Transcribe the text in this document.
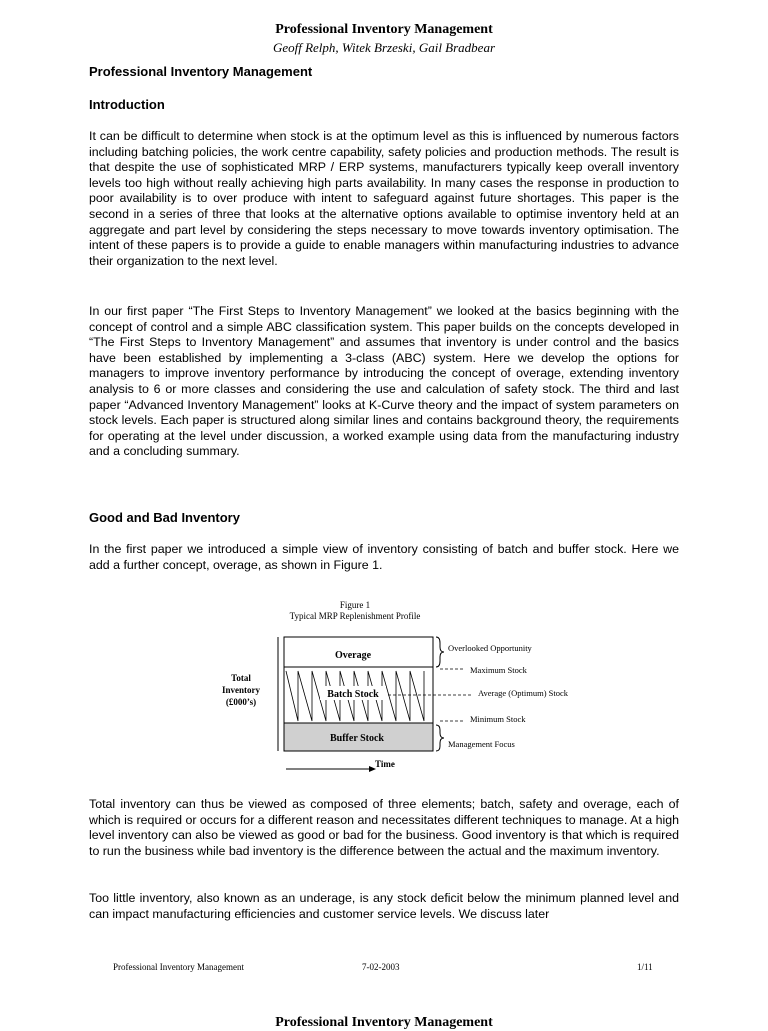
Professional Inventory Management
Geoff Relph, Witek Brzeski, Gail Bradbear
Professional Inventory Management
Introduction

It can be difficult to determine when stock is at the optimum level as this is influenced by numerous factors including batching policies, the work centre capability, safety policies and production methods. The result is that despite the use of sophisticated MRP / ERP systems, manufacturers typically keep overall inventory levels too high without really achieving high parts availability. In many cases the response in production to poor availability is to over produce with intent to safeguard against future shortages. This paper is the second in a series of three that looks at the alternative options available to optimise inventory held at an aggregate and part level by considering the steps necessary to move towards inventory optimisation. The intent of these papers is to provide a guide to enable managers within manufacturing industries to advance their organization to the next level.

In our first paper “The First Steps to Inventory Management” we looked at the basics beginning with the concept of control and a simple ABC classification system. This paper builds on the concepts developed in “The First Steps to Inventory Management” and assumes that inventory is under control and the basics have been established by implementing a 3-class (ABC) system. Here we develop the options for managers to improve inventory performance by introducing the concept of overage, extending inventory analysis to 6 or more classes and considering the use and calculation of safety stock. The third and last paper “Advanced Inventory Management” looks at K-Curve theory and the impact of system parameters on stock levels. Each paper is structured along similar lines and contains background theory, the requirements for operating at the level under discussion, a worked example using data from the manufacturing industry and a concluding summary.

Good and Bad Inventory

In the first paper we introduced a simple view of inventory consisting of batch and buffer stock. Here we add a further concept, overage, as shown in Figure 1.

Figure 1
Typical MRP Replenishment Profile
Overage
Batch Stock
Buffer Stock
Total
Inventory
(£000’s)
Time
Overlooked Opportunity
Maximum Stock
Average (Optimum) Stock
Minimum Stock
Management Focus

Total inventory can thus be viewed as composed of three elements; batch, safety and overage, each of which is required or occurs for a different reason and necessitates different techniques to manage. At a high level inventory can also be viewed as good or bad for the business. Good inventory is that which is required to run the business while bad inventory is the difference between the actual and the maximum inventory.

Too little inventory, also known as an underage, is any stock deficit below the minimum planned level and can impact manufacturing efficiencies and customer service levels. We discuss later

Professional Inventory Management	7-02-2003	1/11
Professional Inventory Management
